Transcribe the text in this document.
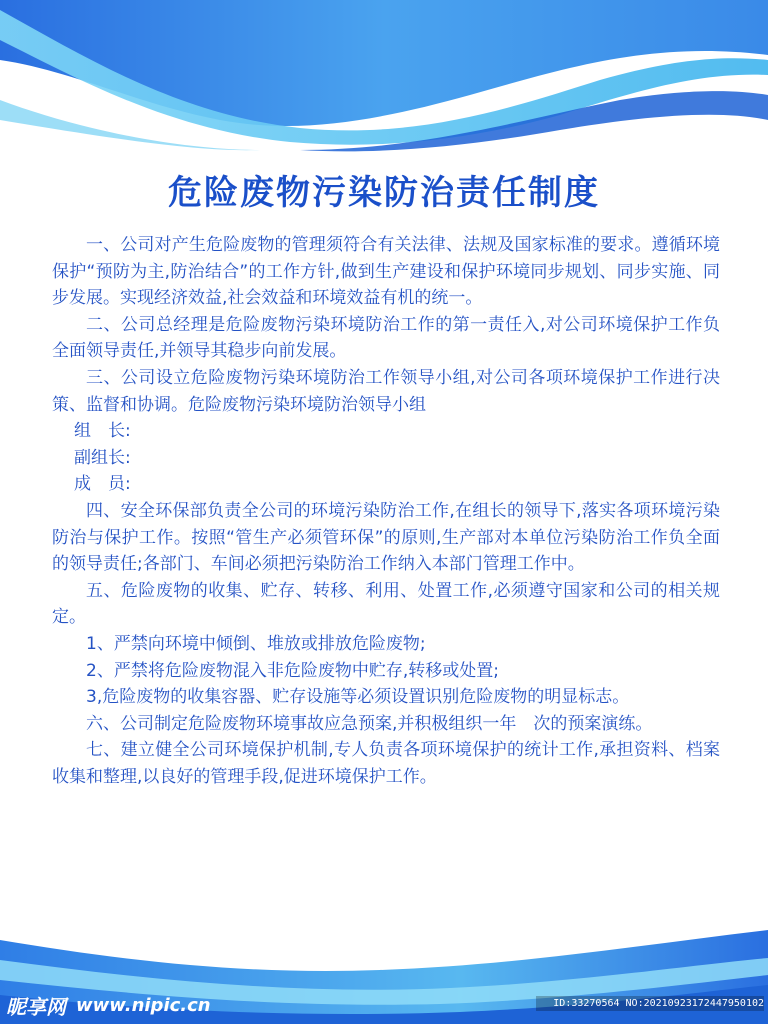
危险废物污染防治责任制度

一、公司对产生危险废物的管理须符合有关法律、法规及国家标准的要求。遵循环境保护“预防为主,防治结合”的工作方针,做到生产建设和保护环境同步规划、同步实施、同步发展。实现经济效益,社会效益和环境效益有机的统一。

二、公司总经理是危险废物污染环境防治工作的第一责任入,对公司环境保护工作负全面领导责任,并领导其稳步向前发展。

三、公司设立危险废物污染环境防治工作领导小组,对公司各项环境保护工作进行决策、监督和协调。危险废物污染环境防治领导小组

组　长:

副组长:

成　员:

四、安全环保部负责全公司的环境污染防治工作,在组长的领导下,落实各项环境污染防治与保护工作。按照“管生产必须管环保”的原则,生产部对本单位污染防治工作负全面的领导责任;各部门、车间必须把污染防治工作纳入本部门管理工作中。

五、危险废物的收集、贮存、转移、利用、处置工作,必须遵守国家和公司的相关规定。

1、严禁向环境中倾倒、堆放或排放危险废物;

2、严禁将危险废物混入非危险废物中贮存,转移或处置;

3,危险废物的收集容器、贮存设施等必须设置识别危险废物的明显标志。

六、公司制定危险废物环境事故应急预案,并积极组织一年　次的预案演练。

七、建立健全公司环境保护机制,专人负责各项环境保护的统计工作,承担资料、档案收集和整理,以良好的管理手段,促进环境保护工作。

昵享网 www.nipic.cn	ID:33270564 NO:20210923172447950102
